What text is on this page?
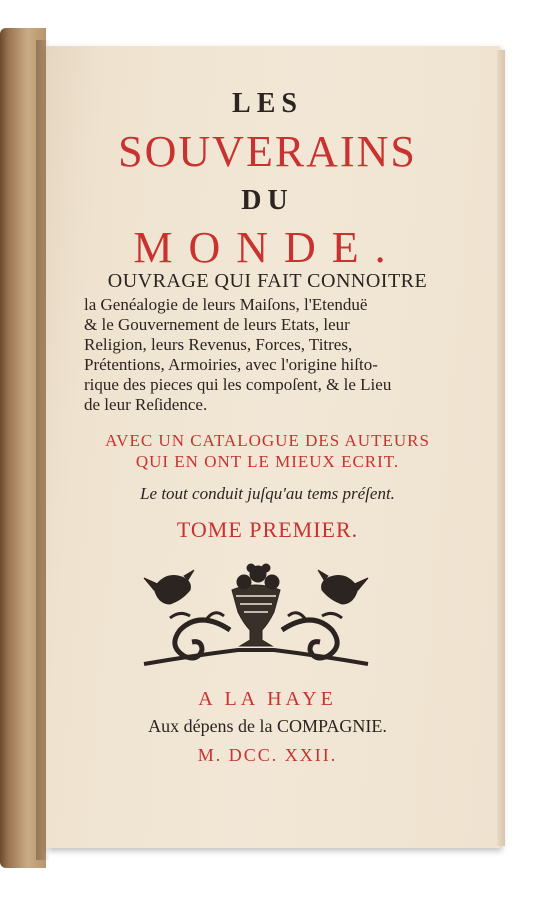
LES

SOUVERAINS

DU

MONDE.

OUVRAGE QUI FAIT CONNOITRE

la Genéalogie de leurs Maiſons, l'Etenduë
& le Gouvernement de leurs Etats, leur
Religion, leurs Revenus, Forces, Titres,
Prétentions, Armoiries, avec l'origine hiſto-
rique des pieces qui les compoſent, & le Lieu
de leur Reſidence.

AVEC UN CATALOGUE DES AUTEURS

QUI EN ONT LE MIEUX ECRIT.

Le tout conduit juſqu'au tems préſent.

TOME PREMIER.

A LA HAYE

Aux dépens de la COMPAGNIE.

M. DCC. XXII.
